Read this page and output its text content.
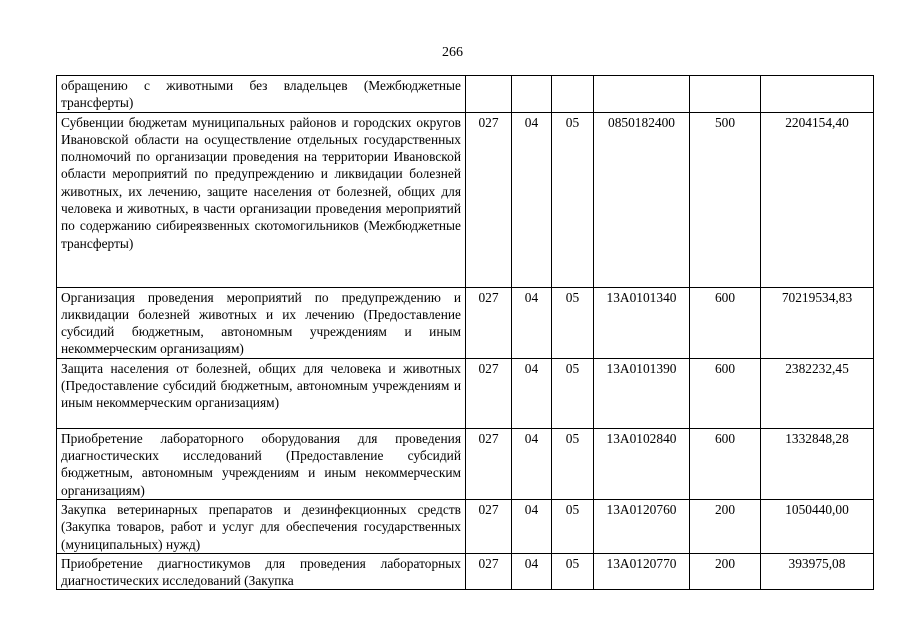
266
обращению с животными без владельцев (Межбюджетные трансферты)						
Субвенции бюджетам муниципальных районов и городских округов Ивановской области на осуществление отдельных государственных полномочий по организации проведения на территории Ивановской области мероприятий по предупреждению и ликвидации болезней животных, их лечению, защите населения от болезней, общих для человека и животных, в части организации проведения мероприятий по содержанию сибиреязвенных скотомогильников (Межбюджетные трансферты)	027	04	05	0850182400	500	2204154,40
Организация проведения мероприятий по предупреждению и ликвидации болезней животных и их лечению (Предоставление субсидий бюджетным, автономным учреждениям и иным некоммерческим организациям)	027	04	05	13А0101340	600	70219534,83
Защита населения от болезней, общих для человека и животных (Предоставление субсидий бюджетным, автономным учреждениям и иным некоммерческим организациям)	027	04	05	13А0101390	600	2382232,45
Приобретение лабораторного оборудования для проведения диагностических исследований (Предоставление субсидий бюджетным, автономным учреждениям и иным некоммерческим организациям)	027	04	05	13А0102840	600	1332848,28
Закупка ветеринарных препаратов и дезинфекционных средств (Закупка товаров, работ и услуг для обеспечения государственных (муниципальных) нужд)	027	04	05	13А0120760	200	1050440,00
Приобретение диагностикумов для проведения лабораторных диагностических исследований (Закупка	027	04	05	13А0120770	200	393975,08
